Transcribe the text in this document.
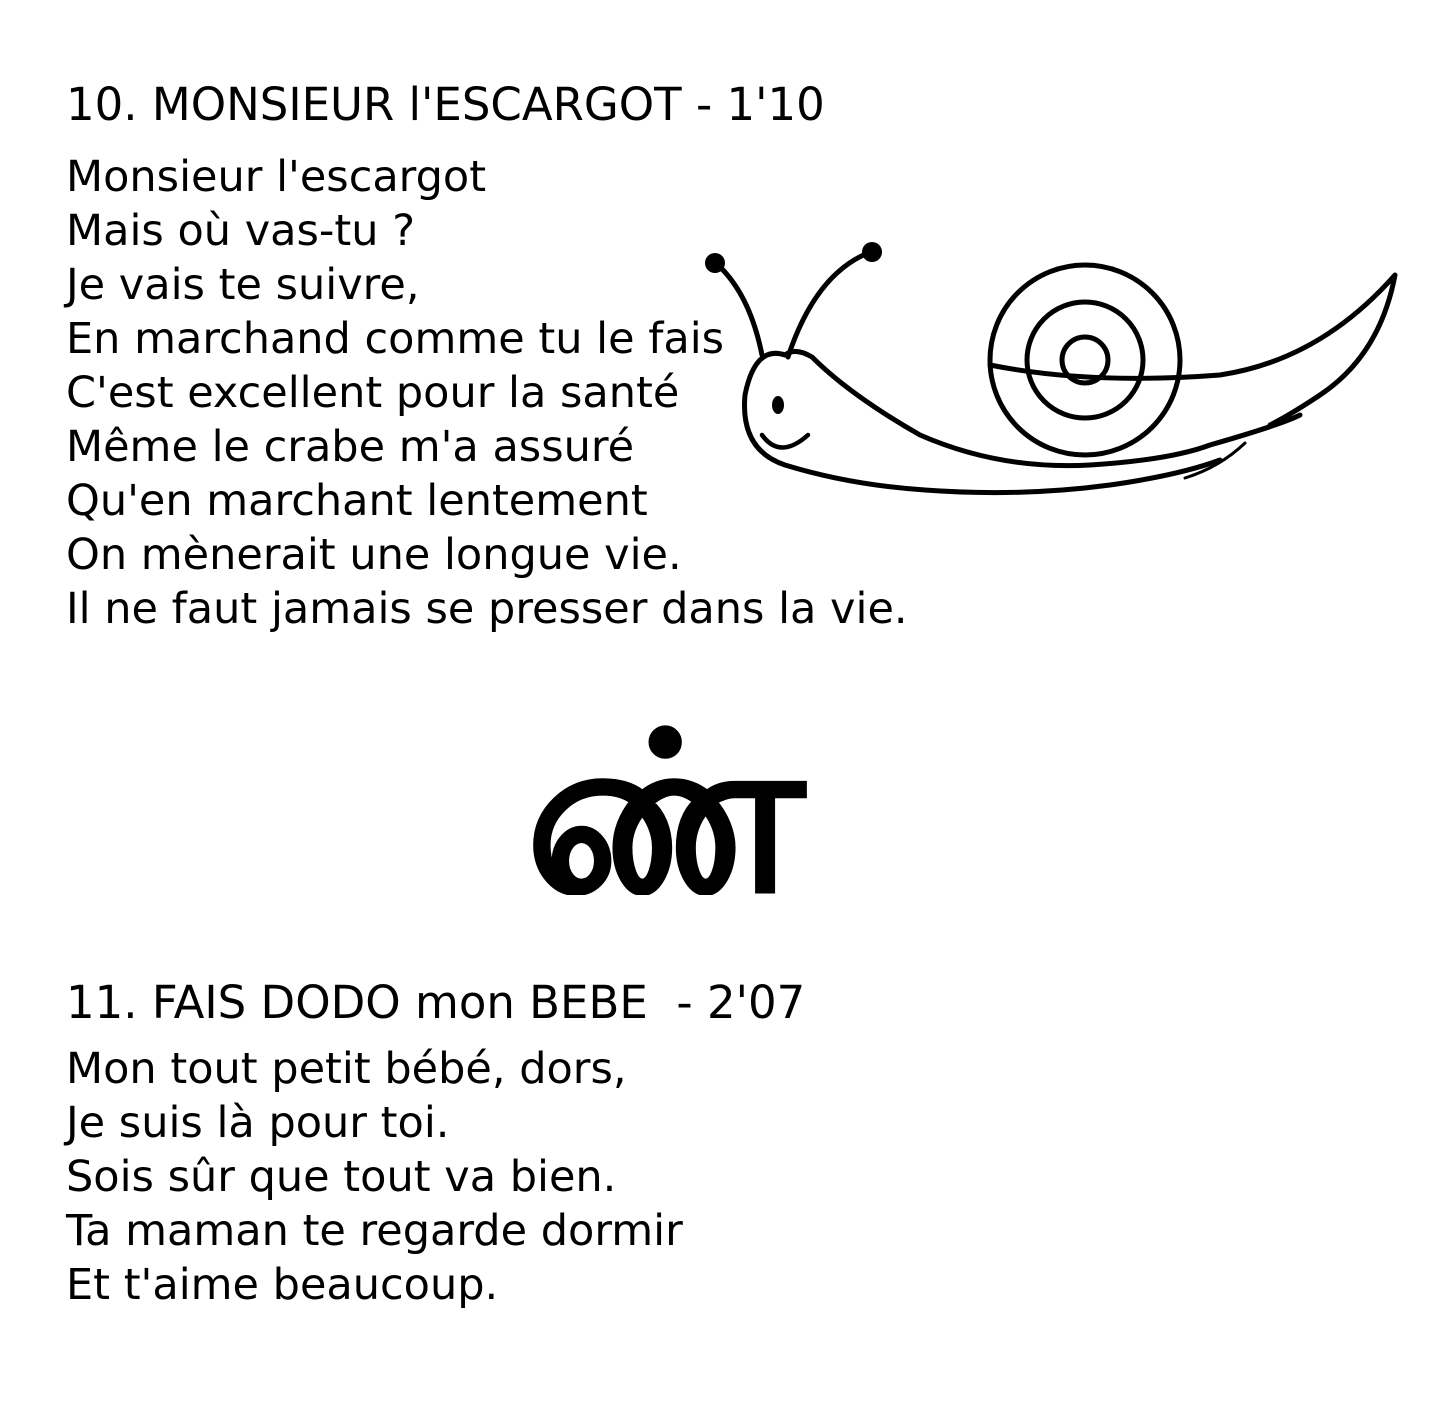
10. MONSIEUR l'ESCARGOT - 1'10
Monsieur l'escargot
Mais où vas-tu ?
Je vais te suivre,
En marchand comme tu le fais
C'est excellent pour la santé
Même le crabe m'a assuré
Qu'en marchant lentement
On mènerait une longue vie.
Il ne faut jamais se presser dans la vie.
ண்
11. FAIS DODO mon BEBE  - 2'07
Mon tout petit bébé, dors,
Je suis là pour toi.
Sois sûr que tout va bien.
Ta maman te regarde dormir
Et t'aime beaucoup.
